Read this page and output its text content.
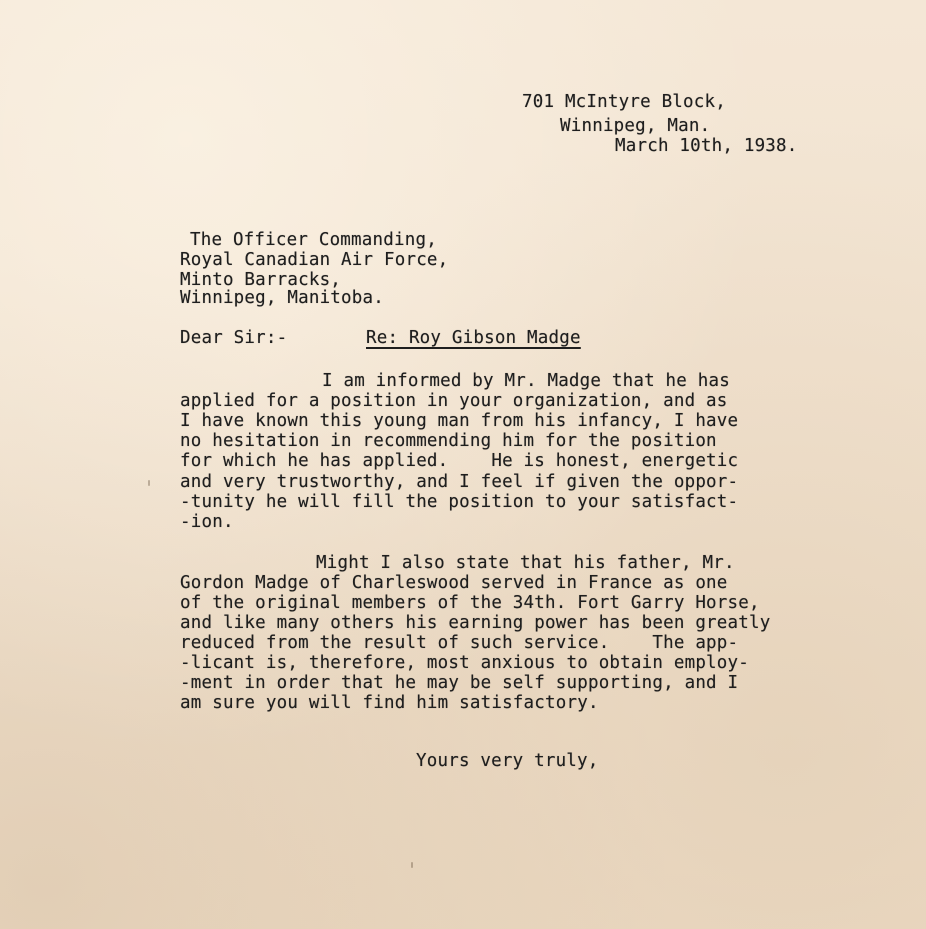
701 McIntyre Block,

Winnipeg, Man.

March 10th, 1938.

The Officer Commanding,

Royal Canadian Air Force,

Minto Barracks,

Winnipeg, Manitoba.

Dear Sir:-	Re: Roy Gibson Madge

I am informed by Mr. Madge that he has

applied for a position in your organization, and as

I have known this young man from his infancy, I have

no hesitation in recommending him for the position

for which he has applied.    He is honest, energetic

and very trustworthy, and I feel if given the oppor-

-tunity he will fill the position to your satisfact-

-ion.

Might I also state that his father, Mr.

Gordon Madge of Charleswood served in France as one

of the original members of the 34th. Fort Garry Horse,

and like many others his earning power has been greatly

reduced from the result of such service.    The app-

-licant is, therefore, most anxious to obtain employ-

-ment in order that he may be self supporting, and I

am sure you will find him satisfactory.

Yours very truly,
